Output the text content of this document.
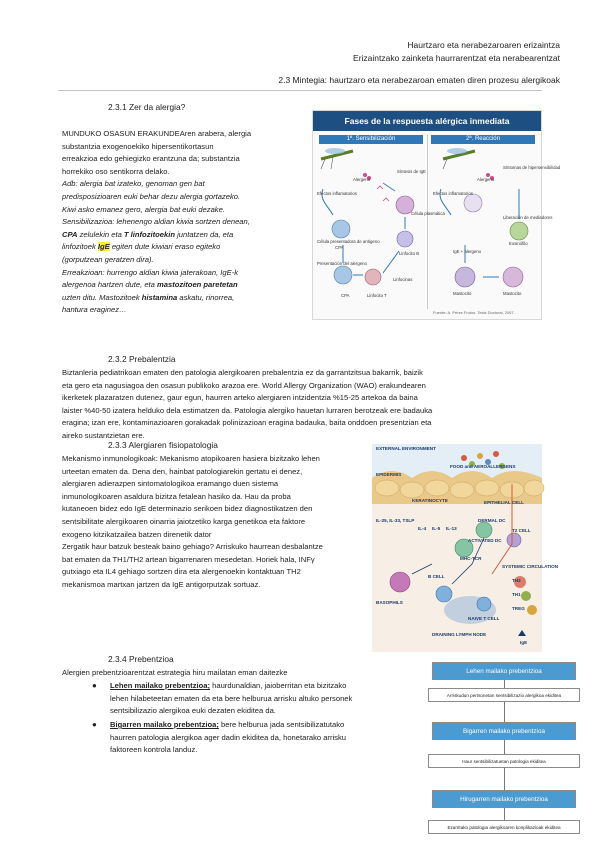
Haurtzaro eta nerabezaroaren erizaintza
Erizaintzako zainketa haurrarentzat eta nerabearentzat
2.3 Mintegia: haurtzaro eta nerabezaroan ematen diren prozesu alergikoak
2.3.1 Zer da alergia?
MUNDUKO OSASUN ERAKUNDEAren arabera, alergia
substantzia exogenoekiko hipersentikortasun
erreakzioa edo gehiegizko erantzuna da; substantzia
horrekiko oso sentikorra delako.
Adb: alergia bat izateko, genoman gen bat
predisposizioaren euki behar dezu alergia gortazeko.
Kiwi asko emanez gero, alergia bat euki dezake.
Sensibilizazioa: lehenengo aldian kiwia sortzen denean,
CPA zelulekin eta T linfozitoekin juntatzen da, eta
linfozitoek IgE egiten dute kiwiari eraso egiteko
(gorputzean geratzen dira).
Erreakzioan: hurrengo aldian kiwia jaterakoan, IgE-k
alergenoa hartzen dute, eta mastozitoen paretetan
uzten ditu. Mastozitoek histamina askatu, rinorrea,
hantura eraginez…
Fases de la respuesta alérgica inmediata
1ª. Sensibilización	2ª. Reacción
Alergeno
Síntesis de IgE
Efectos inflamatorios
Célula presentadora de antígeno
CPA
Célula plasmática
Linfocito B
Presentación del alergeno
Linfocinas
CPA	Linfocito T
Alergeno
Síntomas de hipersensibilidad
Efectos inflamatorios
Liberación de mediadores
IgE + alergeno
Eosinófilo
Mastocito	Mastocito
Fuente: A. Pérez Frutos. Tesis Doctoral, 2007.
2.3.2 Prebalentzia
Biztanleria pediatrikoan ematen den patologia alergikoaren prebalentzia ez da garrantzitsua bakarrik, baizik
eta gero eta nagusiagoa den osasun publikoko arazoa ere. World Allergy Organization (WAO) erakundearen
ikerketek plazaratzen dutenez, gaur egun, haurren arteko alergiaren intzidentzia %15-25 artekoa da baina
laister %40-50 izatera helduko dela estimatzen da. Patologia alergiko hauetan lurraren berotzeak ere badauka
eragina; izan ere, kontaminazioaren gorakadak polinizazioan eragina badauka, baita onddoen presentzian eta
aireko sustantzietan ere.
EXTERNAL ENVIRONMENT
FOOD and AEROALLERGENS
EPIDERMIS
KERATINOCYTE	EPITHELIAL CELL
IL-25, IL-33, TSLP
IL-4 IL-5 IL-13
DERMAL DC
ACTIVATED DC
MHC-TCR
T2 CELL
SYSTEMIC CIRCULATION
TH2
TH1
TREG
B CELL
BASOPHILS
NAIVE T CELL
DRAINING LYMPH NODE
IgE
2.3.3 Alergiaren fisiopatologia
Mekanismo inmunologikoak: Mekanismo atopikoaren hasiera bizitzako lehen
urteetan ematen da. Dena den, hainbat patologiarekin gertatu ei denez,
alergiaren adierazpen sintomatologikoa eramango duen sistema
inmunologikoaren asaldura bizitza fetalean hasiko da. Hau da proba
kutaneoen bidez edo IgE determinazio serikoen bidez diagnostikatzen den
sentsibilitate alergikoaren oinarria jaiotzetiko karga genetikoa eta faktore
exogeno kitzikatzailea batzen direnetik dator
Zergatik haur batzuk besteak baino gehiago? Arriskuko haurrean desbalantze
bat ematen da TH1/TH2 artean bigarrenaren mesedetan. Horiek hala, INFγ
gutxiago eta IL4 gehiago sortzen dira eta alergenoekin kontaktuan TH2
mekanismoa martxan jartzen da IgE antigorputzak sortuaz.
2.3.4 Prebentzioa
Alergien prebentzioarentzat estrategia hiru mailatan eman daitezke
● Lehen mailako prebentzioa; haurdunaldian, jaioberritan eta bizitzako
lehen hilabeteetan ematen da eta bere helburua arrisku altuko personek
sentsibilizazio alergikoa euki dezaten ekiditea da.
● Bigarren mailako prebentzioa; bere helburua jada sentsibilizatutako
haurren patologia alergikoa ager dadin ekiditea da, honetarako arrisku
faktoreen kontrola landuz.
Lehen mailako prebentzioa
Arriskudun pertsonetan sentsibilizazio alergikoa ekiditea
Bigarren mailako prebentzioa
Haur sentsibilizatuetan patologia ekiditea
Hirugarren mailako prebentzioa
Ezarritako patologia alergikoaren konplikazioak ekiditea
